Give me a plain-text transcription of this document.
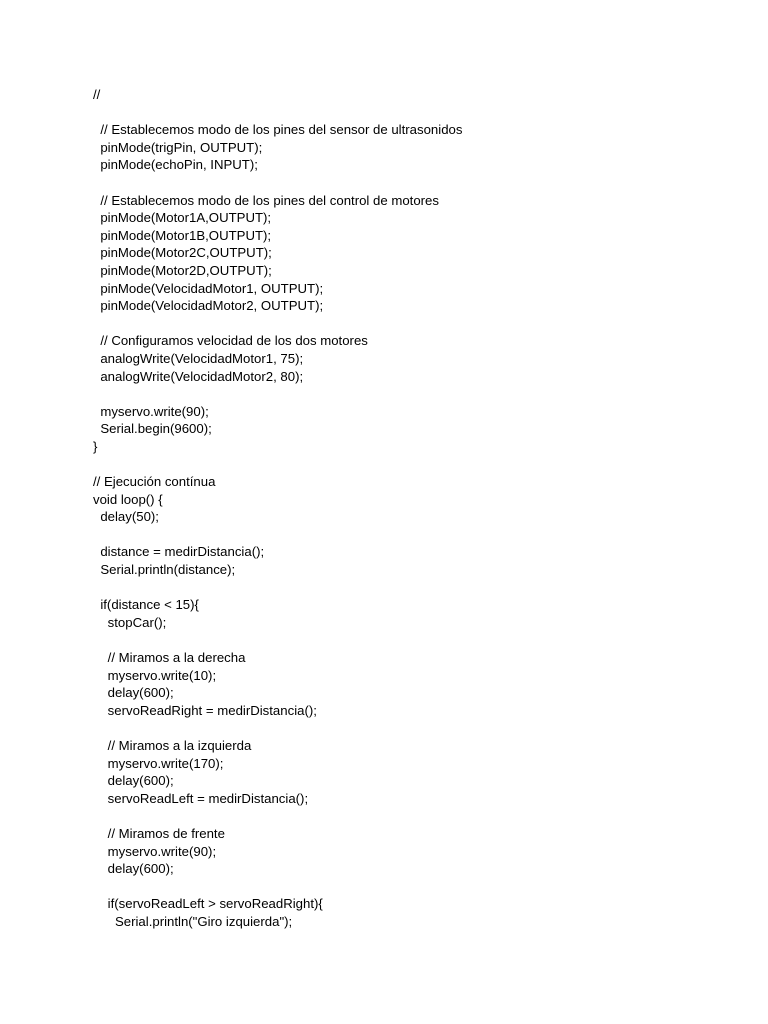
//
// Establecemos modo de los pines del sensor de ultrasonidos
pinMode(trigPin, OUTPUT);
pinMode(echoPin, INPUT);
// Establecemos modo de los pines del control de motores
pinMode(Motor1A,OUTPUT);
pinMode(Motor1B,OUTPUT);
pinMode(Motor2C,OUTPUT);
pinMode(Motor2D,OUTPUT);
pinMode(VelocidadMotor1, OUTPUT);
pinMode(VelocidadMotor2, OUTPUT);
// Configuramos velocidad de los dos motores
analogWrite(VelocidadMotor1, 75);
analogWrite(VelocidadMotor2, 80);
myservo.write(90);
Serial.begin(9600);
}
// Ejecución contínua
void loop() {
delay(50);
distance = medirDistancia();
Serial.println(distance);
if(distance < 15){
stopCar();
// Miramos a la derecha
myservo.write(10);
delay(600);
servoReadRight = medirDistancia();
// Miramos a la izquierda
myservo.write(170);
delay(600);
servoReadLeft = medirDistancia();
// Miramos de frente
myservo.write(90);
delay(600);
if(servoReadLeft > servoReadRight){
Serial.println("Giro izquierda");
